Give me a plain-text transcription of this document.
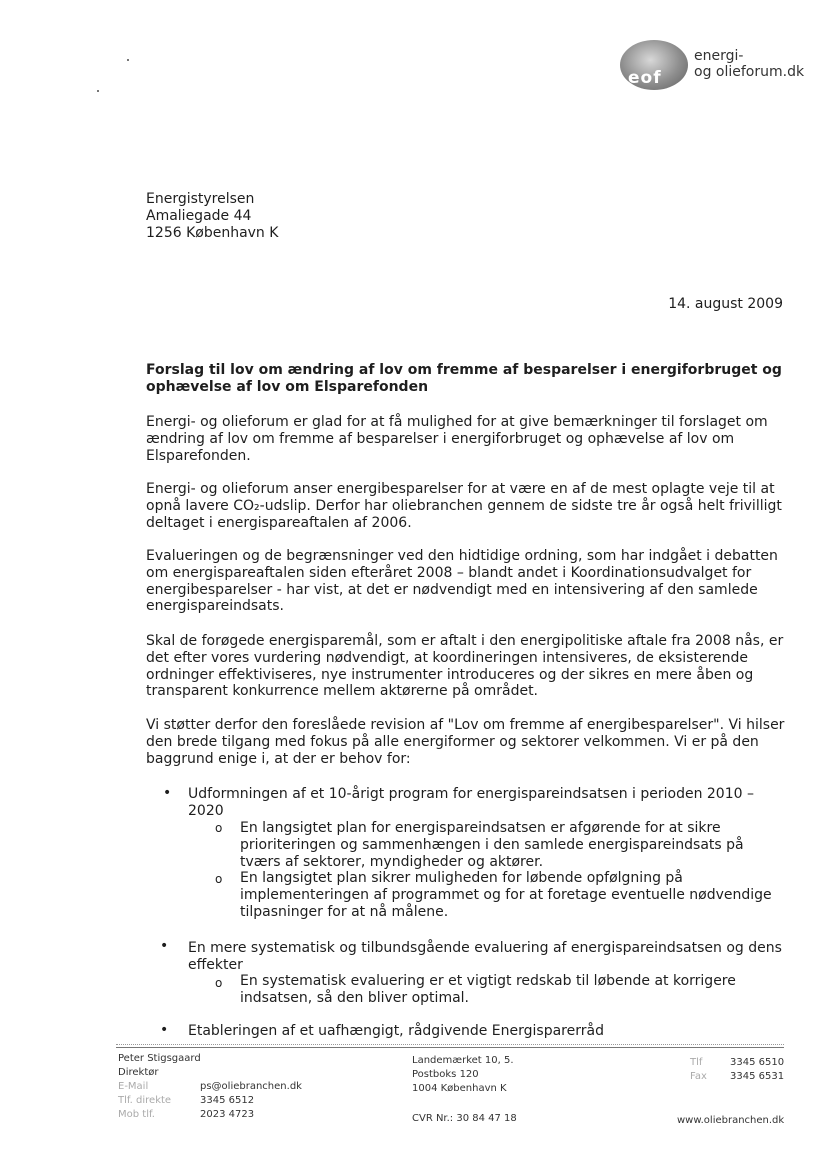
eof
energi-
og olieforum.dk
Energistyrelsen
Amaliegade 44
1256 København K
14. august 2009
Forslag til lov om ændring af lov om fremme af besparelser i energiforbruget og ophævelse af lov om Elsparefonden
Energi- og olieforum er glad for at få mulighed for at give bemærkninger til forslaget om ændring af lov om fremme af besparelser i energiforbruget og ophævelse af lov om Elsparefonden.
Energi- og olieforum anser energibesparelser for at være en af de mest oplagte veje til at opnå lavere CO₂-udslip. Derfor har oliebranchen gennem de sidste tre år også helt frivilligt deltaget i energispareaftalen af 2006.
Evalueringen og de begrænsninger ved den hidtidige ordning, som har indgået i debatten om energispareaftalen siden efteråret 2008 – blandt andet i Koordinationsudvalget for energibesparelser - har vist, at det er nødvendigt med en intensivering af den samlede energispareindsats.
Skal de forøgede energisparemål, som er aftalt i den energipolitiske aftale fra 2008 nås, er det efter vores vurdering nødvendigt, at koordineringen intensiveres, de eksisterende ordninger effektiviseres, nye instrumenter introduceres og der sikres en mere åben og transparent konkurrence mellem aktørerne på området.
Vi støtter derfor den foreslåede revision af "Lov om fremme af energibesparelser". Vi hilser den brede tilgang med fokus på alle energiformer og sektorer velkommen. Vi er på den baggrund enige i, at der er behov for:
• Udformningen af et 10-årigt program for energispareindsatsen i perioden 2010 – 2020
o En langsigtet plan for energispareindsatsen er afgørende for at sikre prioriteringen og sammenhængen i den samlede energispareindsats på tværs af sektorer, myndigheder og aktører.
o En langsigtet plan sikrer muligheden for løbende opfølgning på implementeringen af programmet og for at foretage eventuelle nødvendige tilpasninger for at nå målene.
• En mere systematisk og tilbundsgående evaluering af energispareindsatsen og dens effekter
o En systematisk evaluering er et vigtigt redskab til løbende at korrigere indsatsen, så den bliver optimal.
• Etableringen af et uafhængigt, rådgivende Energisparerråd
Peter Stigsgaard
Direktør
E-Mail	ps@oliebranchen.dk
Tlf. direkte	3345 6512
Mob tlf.	2023 4723
Landemærket 10, 5.
Postboks 120
1004 København K
CVR Nr.: 30 84 47 18
Tlf	3345 6510
Fax 3345 6531
www.oliebranchen.dk
